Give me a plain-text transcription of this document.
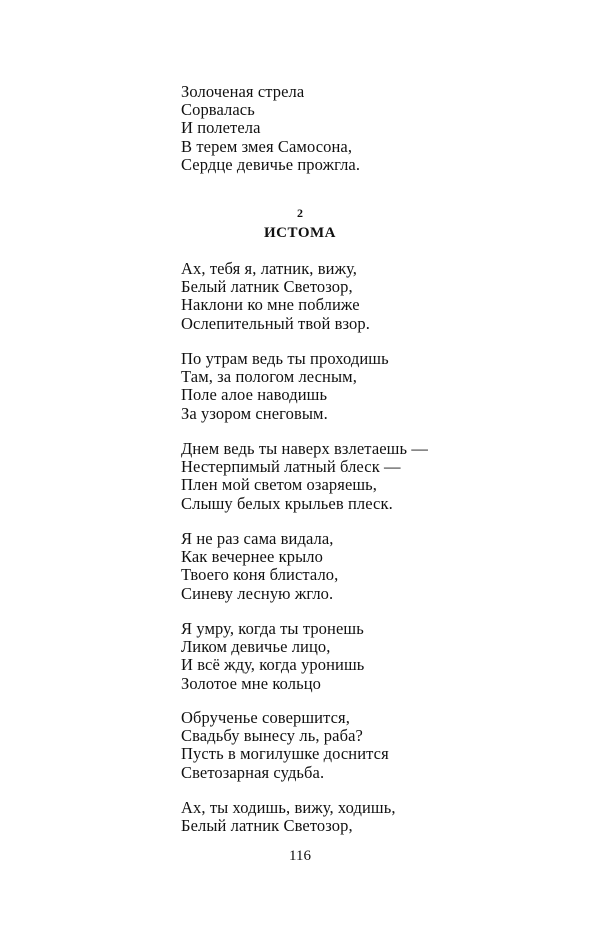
Золоченая стрела
Сорвалась
И полетела
В терем змея Самосона,
Сердце девичье прожгла.
2
ИСТОМА
Ах, тебя я, латник, вижу,
Белый латник Светозор,
Наклони ко мне поближе
Ослепительный твой взор.
По утрам ведь ты проходишь
Там, за пологом лесным,
Поле алое наводишь
За узором снеговым.
Днем ведь ты наверх взлетаешь —
Нестерпимый латный блеск —
Плен мой светом озаряешь,
Слышу белых крыльев плеск.
Я не раз сама видала,
Как вечернее крыло
Твоего коня блистало,
Синеву лесную жгло.
Я умру, когда ты тронешь
Ликом девичье лицо,
И всё жду, когда уронишь
Золотое мне кольцо
Обрученье совершится,
Свадьбу вынесу ль, раба?
Пусть в могилушке доснится
Светозарная судьба.
Ах, ты ходишь, вижу, ходишь,
Белый латник Светозор,
116
